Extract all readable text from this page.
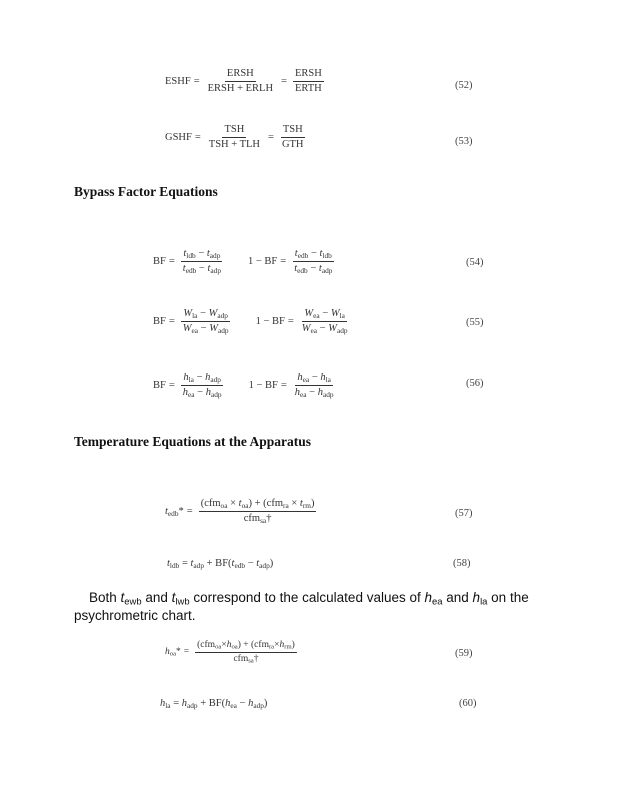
ESHF = $\frac{\text{ERSH}}{\text{ERSH + ERLH}} = \frac{\text{ERSH}}{\text{ERTH}}$	(52)
GSHF = $\frac{\text{TSH}}{\text{TSH + TLH}} = \frac{\text{TSH}}{\text{GTH}}$	(53)
Bypass Factor Equations
BF = $\frac{t_{ldb} - t_{adp}}{t_{edb} - t_{adp}} 1$ − BF = $\frac{t_{edb} - t_{ldb}}{t_{edb} - t_{adp}}$	(54)
BF = $\frac{W_{la} - W_{adp}}{W_{ea} - W_{adp}} 1$ − BF = $\frac{W_{ea} - W_{la}}{W_{ea} - W_{adp}}$	(55)
BF = $\frac{h_{la} - h_{adp}}{h_{ea} - h_{adp}} 1$ − BF = $\frac{h_{ea} - h_{la}}{h_{ea} - h_{adp}}$	(56)
Temperature Equations at the Apparatus
$t_{edb}* = \frac{(cfm_{oa} \times t_{oa}) + (cfm_{ra} \times t_{rm})}{cfm_{sa}\dagger}$	(57)
$t_{ldb} = t_{adp} + BF(t_{edb} - t_{adp})$	(58)
Both $t_{ewb}$ and $t_{lwb}$ correspond to the calculated values of $h_{ea}$ and $h_{la}$ on the
psychrometric chart.
$h_{oa}* = \frac{(cfm_{oa}\times h_{oa}) + (cfm_{ra}\times h_{rm})}{cfm_{sa}\dagger}$	(59)
$h_{la} = h_{adp} + BF(h_{ea} - h_{adp})$	(60)
